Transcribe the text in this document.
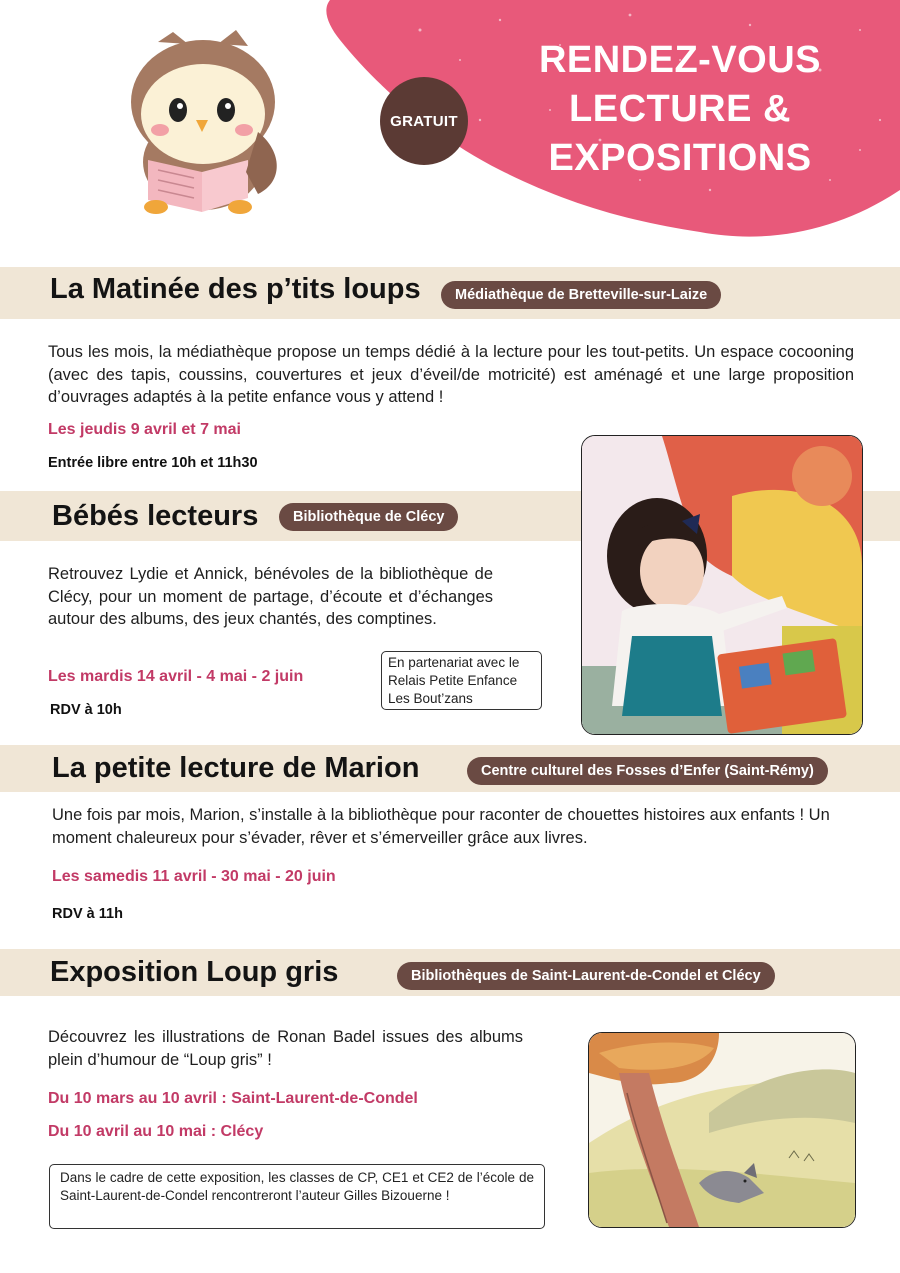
GRATUIT
RENDEZ-VOUS
LECTURE &
EXPOSITIONS
La Matinée des p’tits loups	Médiathèque de Bretteville-sur-Laize
Tous les mois, la médiathèque propose un temps dédié à la lecture pour les tout-petits. Un espace cocooning (avec des tapis, coussins, couvertures et jeux d’éveil/de motricité) est aménagé et une large proposition d’ouvrages adaptés à la petite enfance vous y attend !
Les jeudis 9 avril et 7 mai
Entrée libre entre 10h et 11h30
Bébés lecteurs	Bibliothèque de Clécy
Retrouvez Lydie et Annick, bénévoles de la bibliothèque de Clécy, pour un moment de partage, d’écoute et d’échanges autour des albums, des jeux chantés, des comptines.
Les mardis 14 avril - 4 mai - 2 juin
RDV à 10h
En partenariat avec le
Relais Petite Enfance
Les Bout’zans
La petite lecture de Marion	Centre culturel des Fosses d’Enfer (Saint-Rémy)
Une fois par mois, Marion, s’installe à la bibliothèque pour raconter de chouettes histoires aux enfants ! Un moment chaleureux pour s’évader, rêver et s’émerveiller grâce aux livres.
Les samedis 11 avril - 30 mai - 20 juin
RDV à 11h
Exposition Loup gris	Bibliothèques de Saint-Laurent-de-Condel et Clécy
Découvrez les illustrations de Ronan Badel issues des albums plein d’humour de “Loup gris” !
Du 10 mars au 10 avril : Saint-Laurent-de-Condel
Du 10 avril au 10 mai : Clécy
Dans le cadre de cette exposition, les classes de CP, CE1 et CE2 de l’école de Saint-Laurent-de-Condel rencontreront l’auteur Gilles Bizouerne !
